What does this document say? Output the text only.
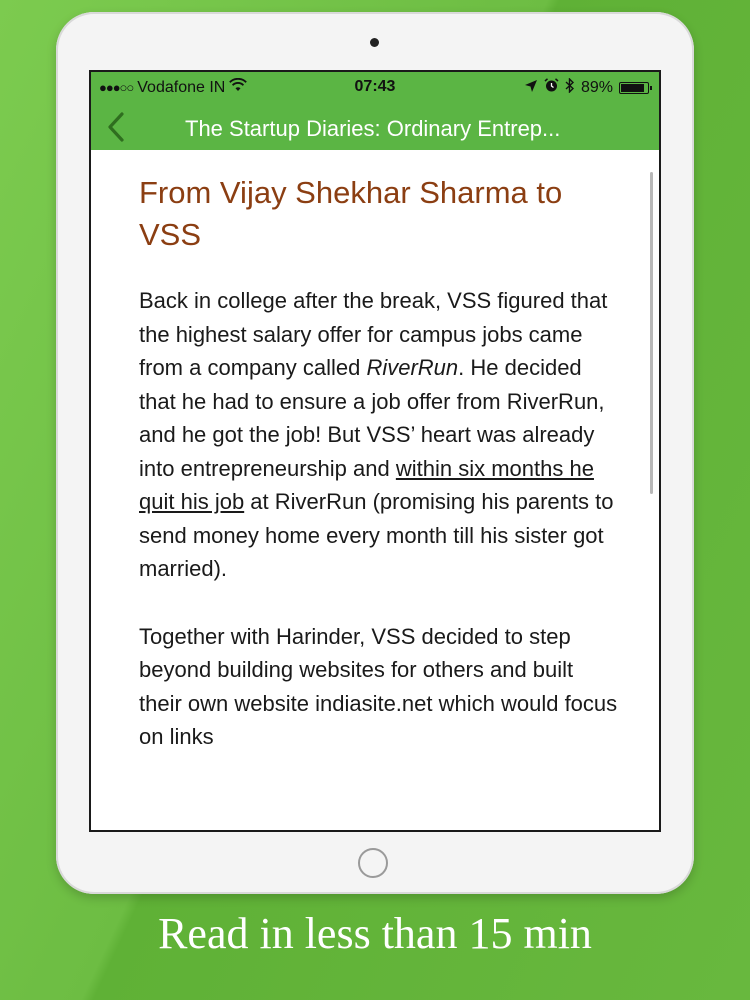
●●●○○ Vodafone IN	07:43	89%
The Startup Diaries: Ordinary Entrep...
From Vijay Shekhar Sharma to VSS

Back in college after the break, VSS figured that the highest salary offer for campus jobs came from a company called RiverRun. He decided that he had to ensure a job offer from RiverRun, and he got the job! But VSS’ heart was already into entrepreneurship and within six months he quit his job at RiverRun (promising his parents to send money home every month till his sister got married).

Together with Harinder, VSS decided to step beyond building websites for others and built their own website indiasite.net which would focus on links

Read in less than 15 min
